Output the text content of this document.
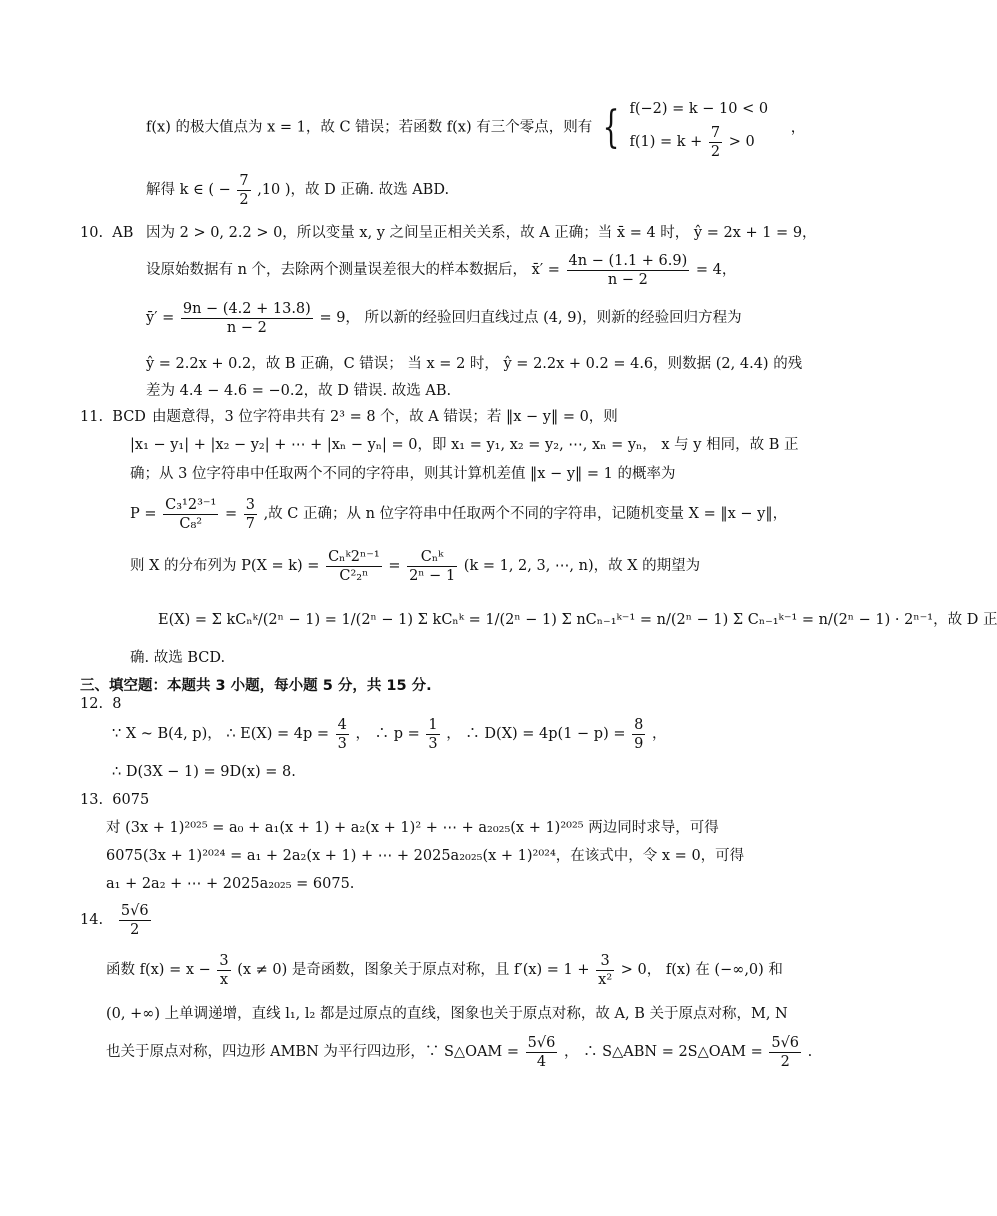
f(x) 的极大值点为 x = 1，故 C 错误；若函数 f(x) 有三个零点，则有 { f(−2) = k − 10 < 0
$f(1) = k + \frac{7}{2} > 0$
，
解得 k ∈ ( − $\frac{7}{2} ,10$ )，故 D 正确. 故选 ABD.
10. AB 因为 2 > 0, 2.2 > 0，所以变量 x, y 之间呈正相关关系，故 A 正确；当 x̄ = 4 时， ŷ = 2x + 1 = 9，
设原始数据有 n 个，去除两个测量误差很大的样本数据后， x̄′ = $\frac{4n - (1.1 + 6.9)}{n - 2} = 4$，
ȳ′ = $\frac{9n - (4.2 + 13.8)}{n - 2} = 9$， 所以新的经验回归直线过点 (4, 9)，则新的经验回归方程为
ŷ = 2.2x + 0.2，故 B 正确，C 错误； 当 x = 2 时， ŷ = 2.2x + 0.2 = 4.6，则数据 (2, 4.4) 的残
差为 4.4 − 4.6 = −0.2，故 D 错误. 故选 AB.
11. BCD 由题意得，3 位字符串共有 2³ = 8 个，故 A 错误；若 ‖x − y‖ = 0，则
|x₁ − y₁| + |x₂ − y₂| + ⋯ + |xₙ − yₙ| = 0，即 x₁ = y₁, x₂ = y₂, ⋯, xₙ = yₙ， x 与 y 相同，故 B 正
确；从 3 位字符串中任取两个不同的字符串，则其计算机差值 ‖x − y‖ = 1 的概率为
$P = \frac{\text{C₃¹2³⁻¹}}{\text{C₈²}} = \frac{3}{7}$ ,故 C 正确；从 n 位字符串中任取两个不同的字符串，记随机变量 X = ‖x − y‖，
则 X 的分布列为 $P(X = k) = \frac{\text{Cₙᵏ2ⁿ⁻¹}}{\text{C²₂ⁿ}} = \frac{\text{Cₙᵏ}}{\text{2ⁿ − 1}} (k = 1$, 2, 3, ⋯, n)，故 X 的期望为
E(X) = Σ kCₙᵏ/(2ⁿ − 1) = 1/(2ⁿ − 1) Σ kCₙᵏ = 1/(2ⁿ − 1) Σ nCₙ₋₁ᵏ⁻¹ = n/(2ⁿ − 1) Σ Cₙ₋₁ᵏ⁻¹ = n/(2ⁿ − 1) · 2ⁿ⁻¹，故 D 正
确. 故选 BCD.
三、填空题：本题共 3 小题，每小题 5 分，共 15 分.
12. 8
∵ X ~ B(4, p)， ∴ $E(X) = 4p = \frac{4}{3}$ ， ∴ $p = \frac{1}{3}$ ， ∴ $D(X) = 4p(1 - p) = \frac{8}{9}$ ，
∴ D(3X − 1) = 9D(x) = 8.
13. 6075
对 (3x + 1)²⁰²⁵ = a₀ + a₁(x + 1) + a₂(x + 1)² + ⋯ + a₂₀₂₅(x + 1)²⁰²⁵ 两边同时求导，可得
6075(3x + 1)²⁰²⁴ = a₁ + 2a₂(x + 1) + ⋯ + 2025a₂₀₂₅(x + 1)²⁰²⁴，在该式中，令 x = 0，可得
a₁ + 2a₂ + ⋯ + 2025a₂₀₂₅ = 6075.
14. $\frac{5√6}{2}$
函数 $f(x) = x - \frac{3}{x} (x \ne 0)$ 是奇函数，图象关于原点对称，且 $f'(x) = 1 + \frac{3}{\text{x²}} > 0$， f(x) 在 (−∞,0) 和
(0, +∞) 上单调递增，直线 l₁, l₂ 都是过原点的直线，图象也关于原点对称，故 A, B 关于原点对称，M, N
也关于原点对称，四边形 AMBN 为平行四边形，∵ S△OAM = $\frac{5√6}{4}$ ， ∴ S△ABN = 2S△OAM = $\frac{5√6}{2}$ .
